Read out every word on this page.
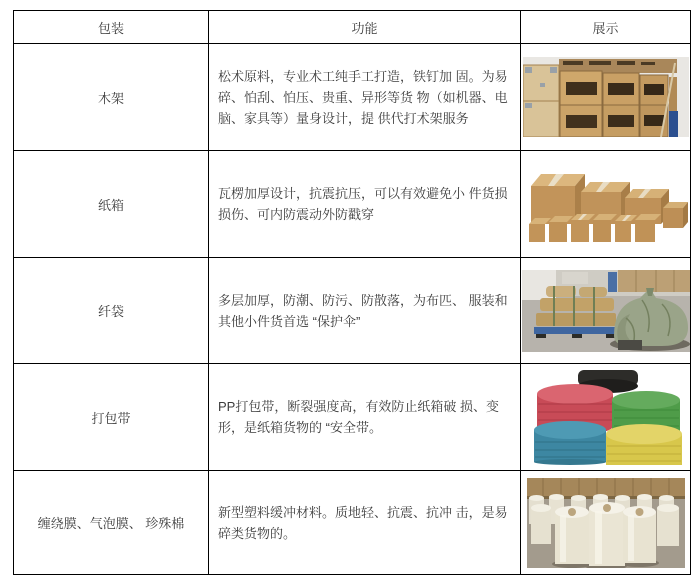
包装	功能	展示
木架	松术原料，专业术工纯手工打造，铁钉加 固。为易碎、怕刮、怕压、贵重、异形等货 物（如机器、电脑、家具等）量身设计，提 供代打术架服务	
纸箱	瓦楞加厚设计，抗震抗压，可以有效避免小 件货损损伤、可内防震动外防戳穿	
纤袋	多层加厚，防潮、防污、防散落，为布匹、 服装和其他小件货首选 “保护伞”	
打包带	PP打包带，断裂强度高，有效防止纸箱破 损、变形，是纸箱货物的 “安全带。	
缠绕膜、气泡膜、 珍殊棉	新型塑料缓冲材料。质地轻、抗震、抗冲 击，是易碎类货物的。	
